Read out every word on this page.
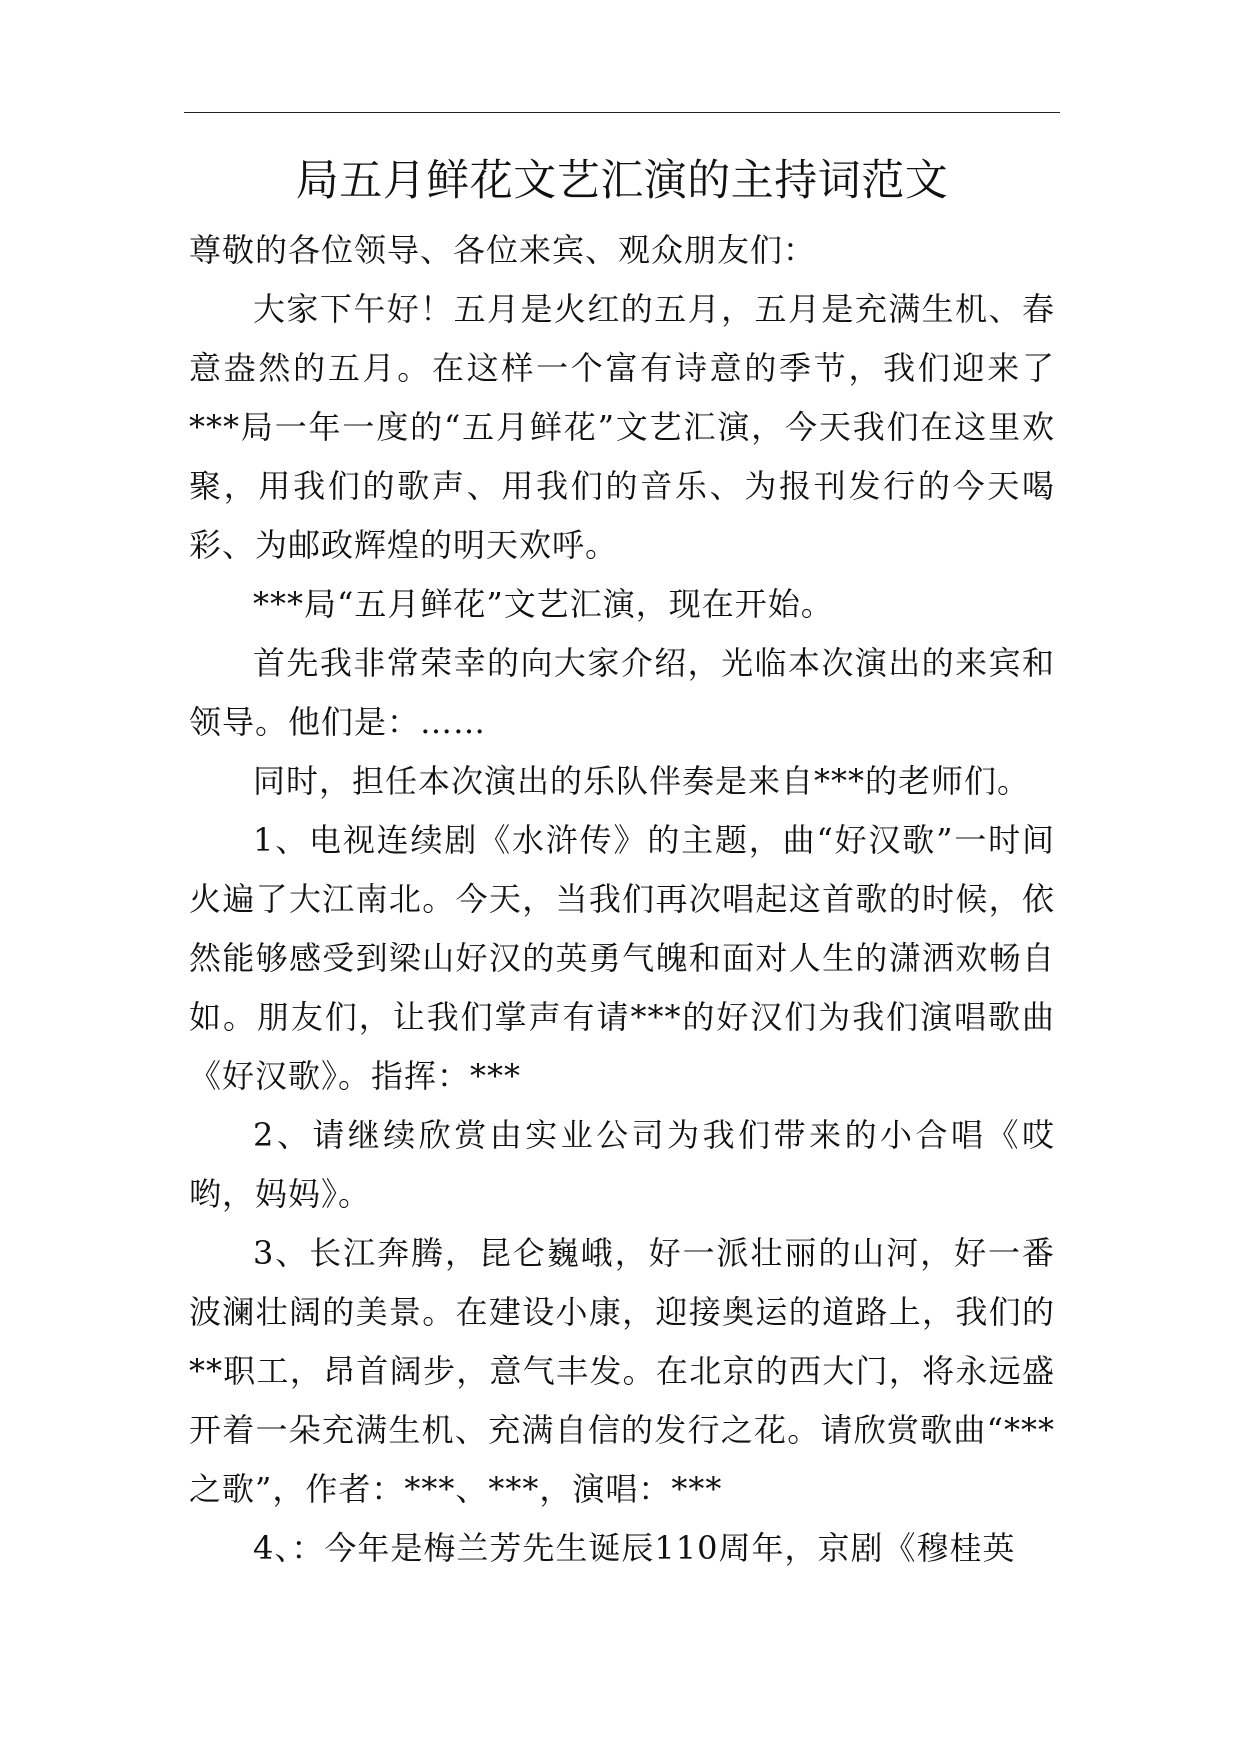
局五月鲜花文艺汇演的主持词范文

尊敬的各位领导、各位来宾、观众朋友们：

大家下午好！五月是火红的五月，五月是充满生机、春意盎然的五月。在这样一个富有诗意的季节，我们迎来了***局一年一度的“五月鲜花”文艺汇演，今天我们在这里欢聚，用我们的歌声、用我们的音乐、为报刊发行的今天喝彩、为邮政辉煌的明天欢呼。

***局“五月鲜花”文艺汇演，现在开始。

首先我非常荣幸的向大家介绍，光临本次演出的来宾和领导。他们是：……

同时，担任本次演出的乐队伴奏是来自***的老师们。

1、电视连续剧《水浒传》的主题，曲“好汉歌”一时间火遍了大江南北。今天，当我们再次唱起这首歌的时候，依然能够感受到梁山好汉的英勇气魄和面对人生的潇洒欢畅自如。朋友们，让我们掌声有请***的好汉们为我们演唱歌曲《好汉歌》。指挥：***

2、请继续欣赏由实业公司为我们带来的小合唱《哎哟，妈妈》。

3、长江奔腾，昆仑巍峨，好一派壮丽的山河，好一番波澜壮阔的美景。在建设小康，迎接奥运的道路上，我们的**职工，昂首阔步，意气丰发。在北京的西大门，将永远盛开着一朵充满生机、充满自信的发行之花。请欣赏歌曲“***之歌”，作者：***、***，演唱：***

4、：今年是梅兰芳先生诞辰110周年，京剧《穆桂英
